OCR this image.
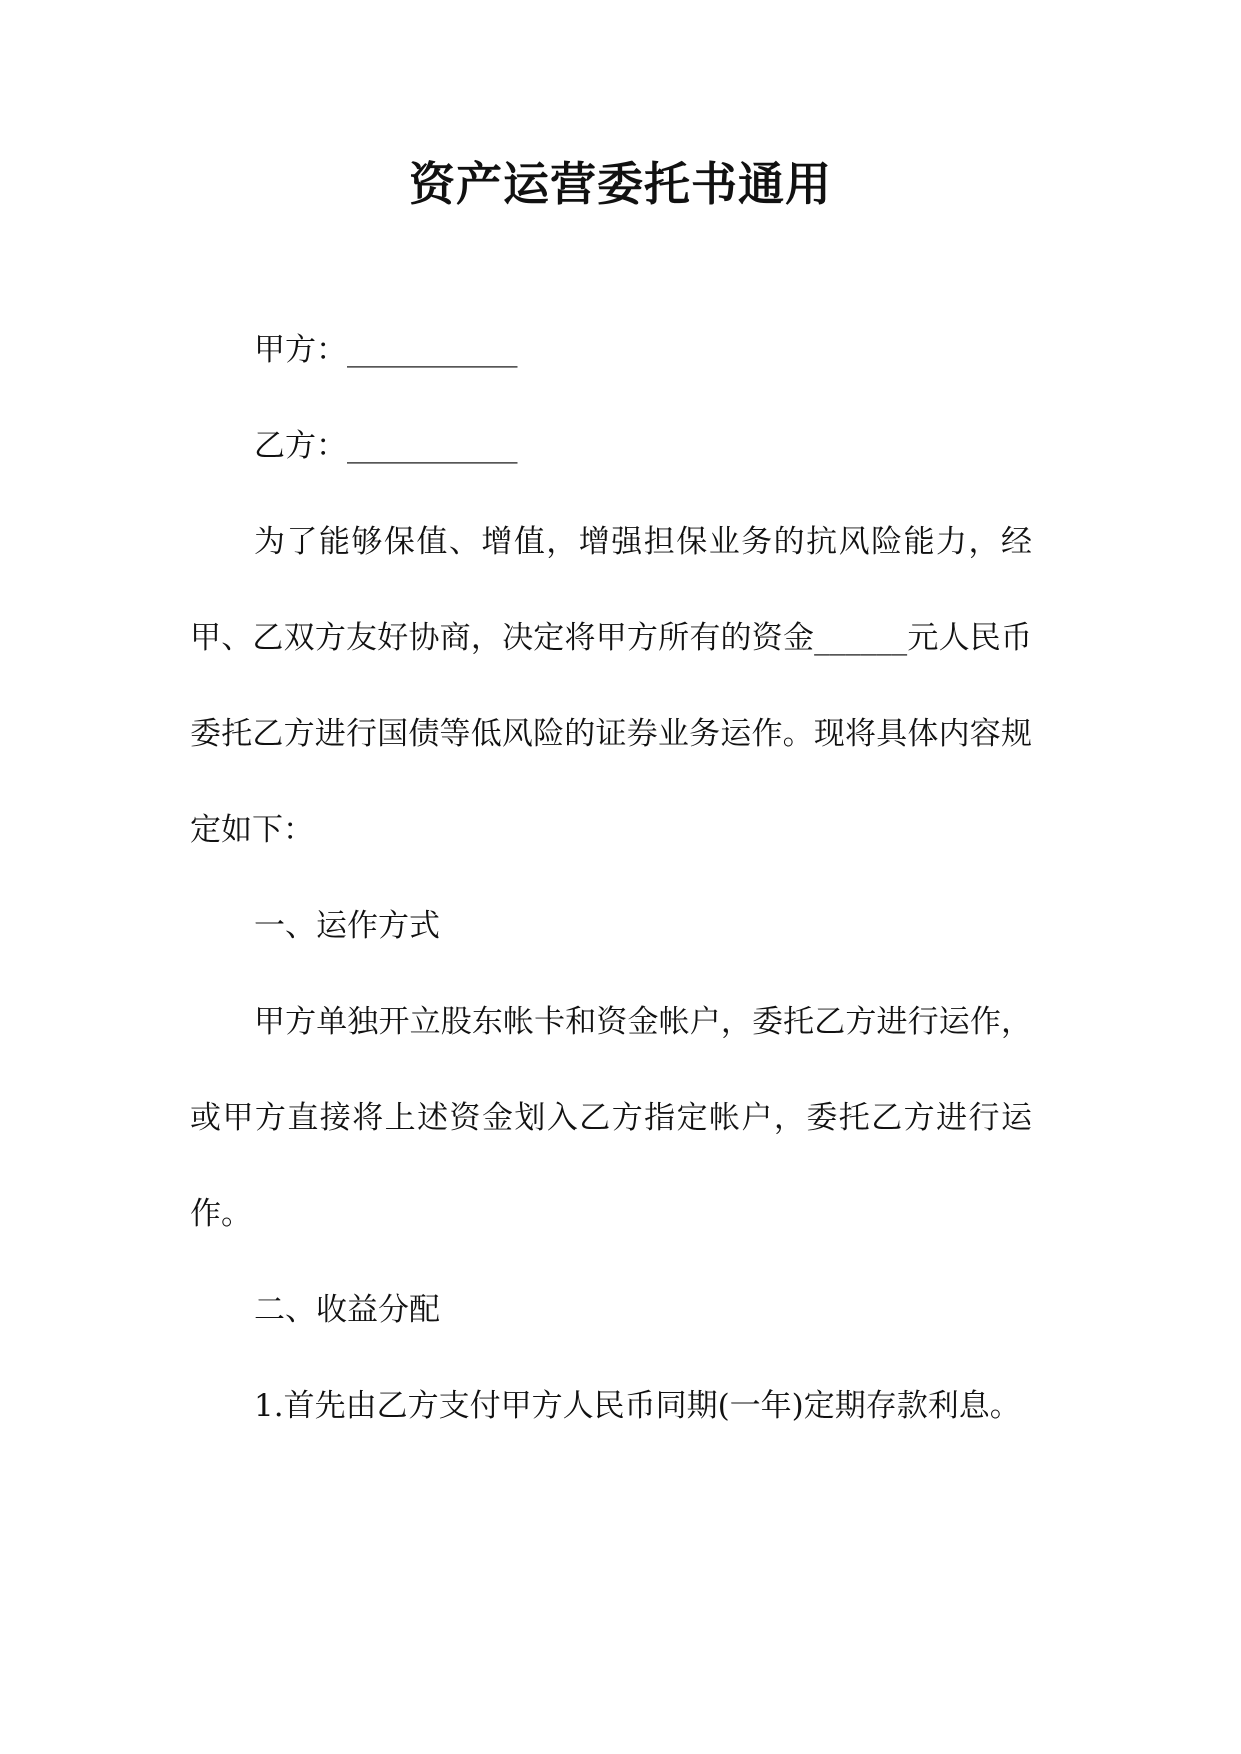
资产运营委托书通用

甲方：___________

乙方：___________

为了能够保值、增值，增强担保业务的抗风险能力，经甲、乙双方友好协商，决定将甲方所有的资金______元人民币委托乙方进行国债等低风险的证券业务运作。现将具体内容规定如下：

一、运作方式

甲方单独开立股东帐卡和资金帐户，委托乙方进行运作，或甲方直接将上述资金划入乙方指定帐户，委托乙方进行运作。

二、收益分配

1.首先由乙方支付甲方人民币同期(一年)定期存款利息。
